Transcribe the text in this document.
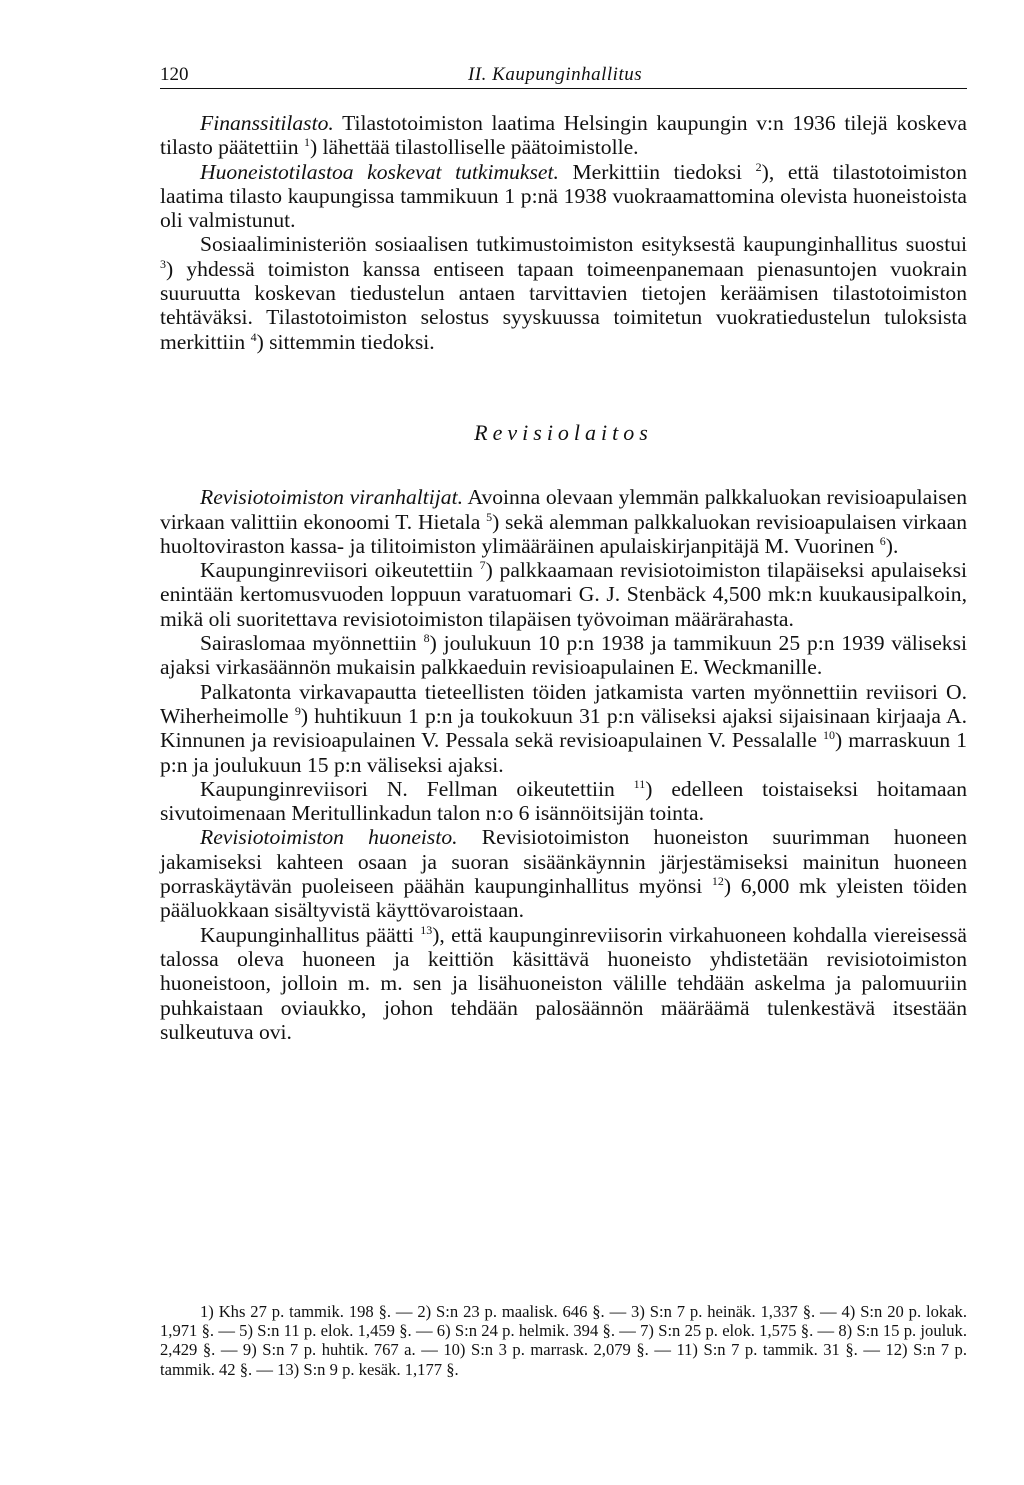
120	II. Kaupunginhallitus

Finanssitilasto. Tilastotoimiston laatima Helsingin kaupungin v:n 1936 tilejä koskeva tilasto päätettiin $^1$) lähettää tilastolliselle päätoimistolle.

Huoneistotilastoa koskevat tutkimukset. Merkittiin tiedoksi $^2$), että tilastotoimiston laatima tilasto kaupungissa tammikuun 1 p:nä 1938 vuokraamattomina olevista huoneistoista oli valmistunut.

Sosiaaliministeriön sosiaalisen tutkimustoimiston esityksestä kaupunginhallitus suostui $^3$) yhdessä toimiston kanssa entiseen tapaan toimeenpanemaan pienasuntojen vuokrain suuruutta koskevan tiedustelun antaen tarvittavien tietojen keräämisen tilastotoimiston tehtäväksi. Tilastotoimiston selostus syyskuussa toimitetun vuokratiedustelun tuloksista merkittiin $^4$) sittemmin tiedoksi.

Revisiolaitos

Revisiotoimiston viranhaltijat. Avoinna olevaan ylemmän palkkaluokan revisioapulaisen virkaan valittiin ekonoomi T. Hietala $^5$) sekä alemman palkkaluokan revisioapulaisen virkaan huoltoviraston kassa- ja tilitoimiston ylimääräinen apulaiskirjanpitäjä M. Vuorinen $^6$).

Kaupunginreviisori oikeutettiin $^7$) palkkaamaan revisiotoimiston tilapäiseksi apulaiseksi enintään kertomusvuoden loppuun varatuomari G. J. Stenbäck 4,500 mk:n kuukausipalkoin, mikä oli suoritettava revisiotoimiston tilapäisen työvoiman määrärahasta.

Sairaslomaa myönnettiin $^8$) joulukuun 10 p:n 1938 ja tammikuun 25 p:n 1939 väliseksi ajaksi virkasäännön mukaisin palkkaeduin revisioapulainen E. Weckmanille.

Palkatonta virkavapautta tieteellisten töiden jatkamista varten myönnettiin reviisori O. Wiherheimolle $^9$) huhtikuun 1 p:n ja toukokuun 31 p:n väliseksi ajaksi sijaisinaan kirjaaja A. Kinnunen ja revisioapulainen V. Pessala sekä revisioapulainen V. Pessalalle $^{10}$) marraskuun 1 p:n ja joulukuun 15 p:n väliseksi ajaksi.

Kaupunginreviisori N. Fellman oikeutettiin $^{11}$) edelleen toistaiseksi hoitamaan sivutoimenaan Meritullinkadun talon n:o 6 isännöitsijän tointa.

Revisiotoimiston huoneisto. Revisiotoimiston huoneiston suurimman huoneen jakamiseksi kahteen osaan ja suoran sisäänkäynnin järjestämiseksi mainitun huoneen porraskäytävän puoleiseen päähän kaupunginhallitus myönsi $^{12}$) 6,000 mk yleisten töiden pääluokkaan sisältyvistä käyttövaroistaan.

Kaupunginhallitus päätti $^{13}$), että kaupunginreviisorin virkahuoneen kohdalla viereisessä talossa oleva huoneen ja keittiön käsittävä huoneisto yhdistetään revisiotoimiston huoneistoon, jolloin m. m. sen ja lisähuoneiston välille tehdään askelma ja palomuuriin puhkaistaan oviaukko, johon tehdään palosäännön määräämä tulenkestävä itsestään sulkeutuva ovi.

1) Khs 27 p. tammik. 198 §. — 2) S:n 23 p. maalisk. 646 §. — 3) S:n 7 p. heinäk. 1,337 §. — 4) S:n 20 p. lokak. 1,971 §. — 5) S:n 11 p. elok. 1,459 §. — 6) S:n 24 p. helmik. 394 §. — 7) S:n 25 p. elok. 1,575 §. — 8) S:n 15 p. jouluk. 2,429 §. — 9) S:n 7 p. huhtik. 767 a. — 10) S:n 3 p. marrask. 2,079 §. — 11) S:n 7 p. tammik. 31 §. — 12) S:n 7 p. tammik. 42 §. — 13) S:n 9 p. kesäk. 1,177 §.
